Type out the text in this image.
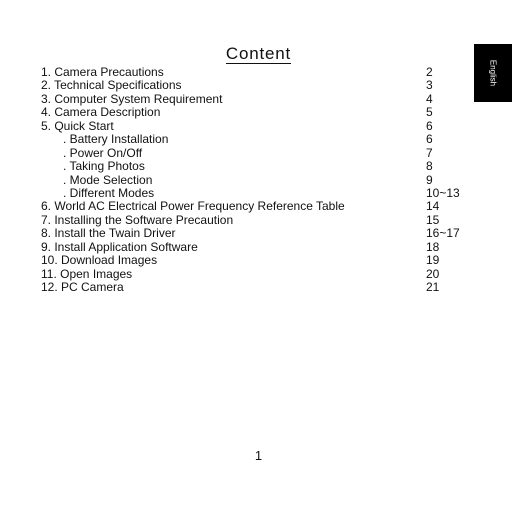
Content
English
1. Camera Precautions	2
2. Technical Specifications	3
3. Computer System Requirement	4
4. Camera Description	5
5. Quick Start	6
. Battery Installation	6
. Power On/Off	7
. Taking Photos	8
. Mode Selection	9
. Different Modes	10~13
6. World AC Electrical Power Frequency Reference Table	14
7. Installing the Software Precaution	15
8. Install the Twain Driver	16~17
9. Install Application Software	18
10. Download Images	19
11. Open Images	20
12. PC Camera	21
1
